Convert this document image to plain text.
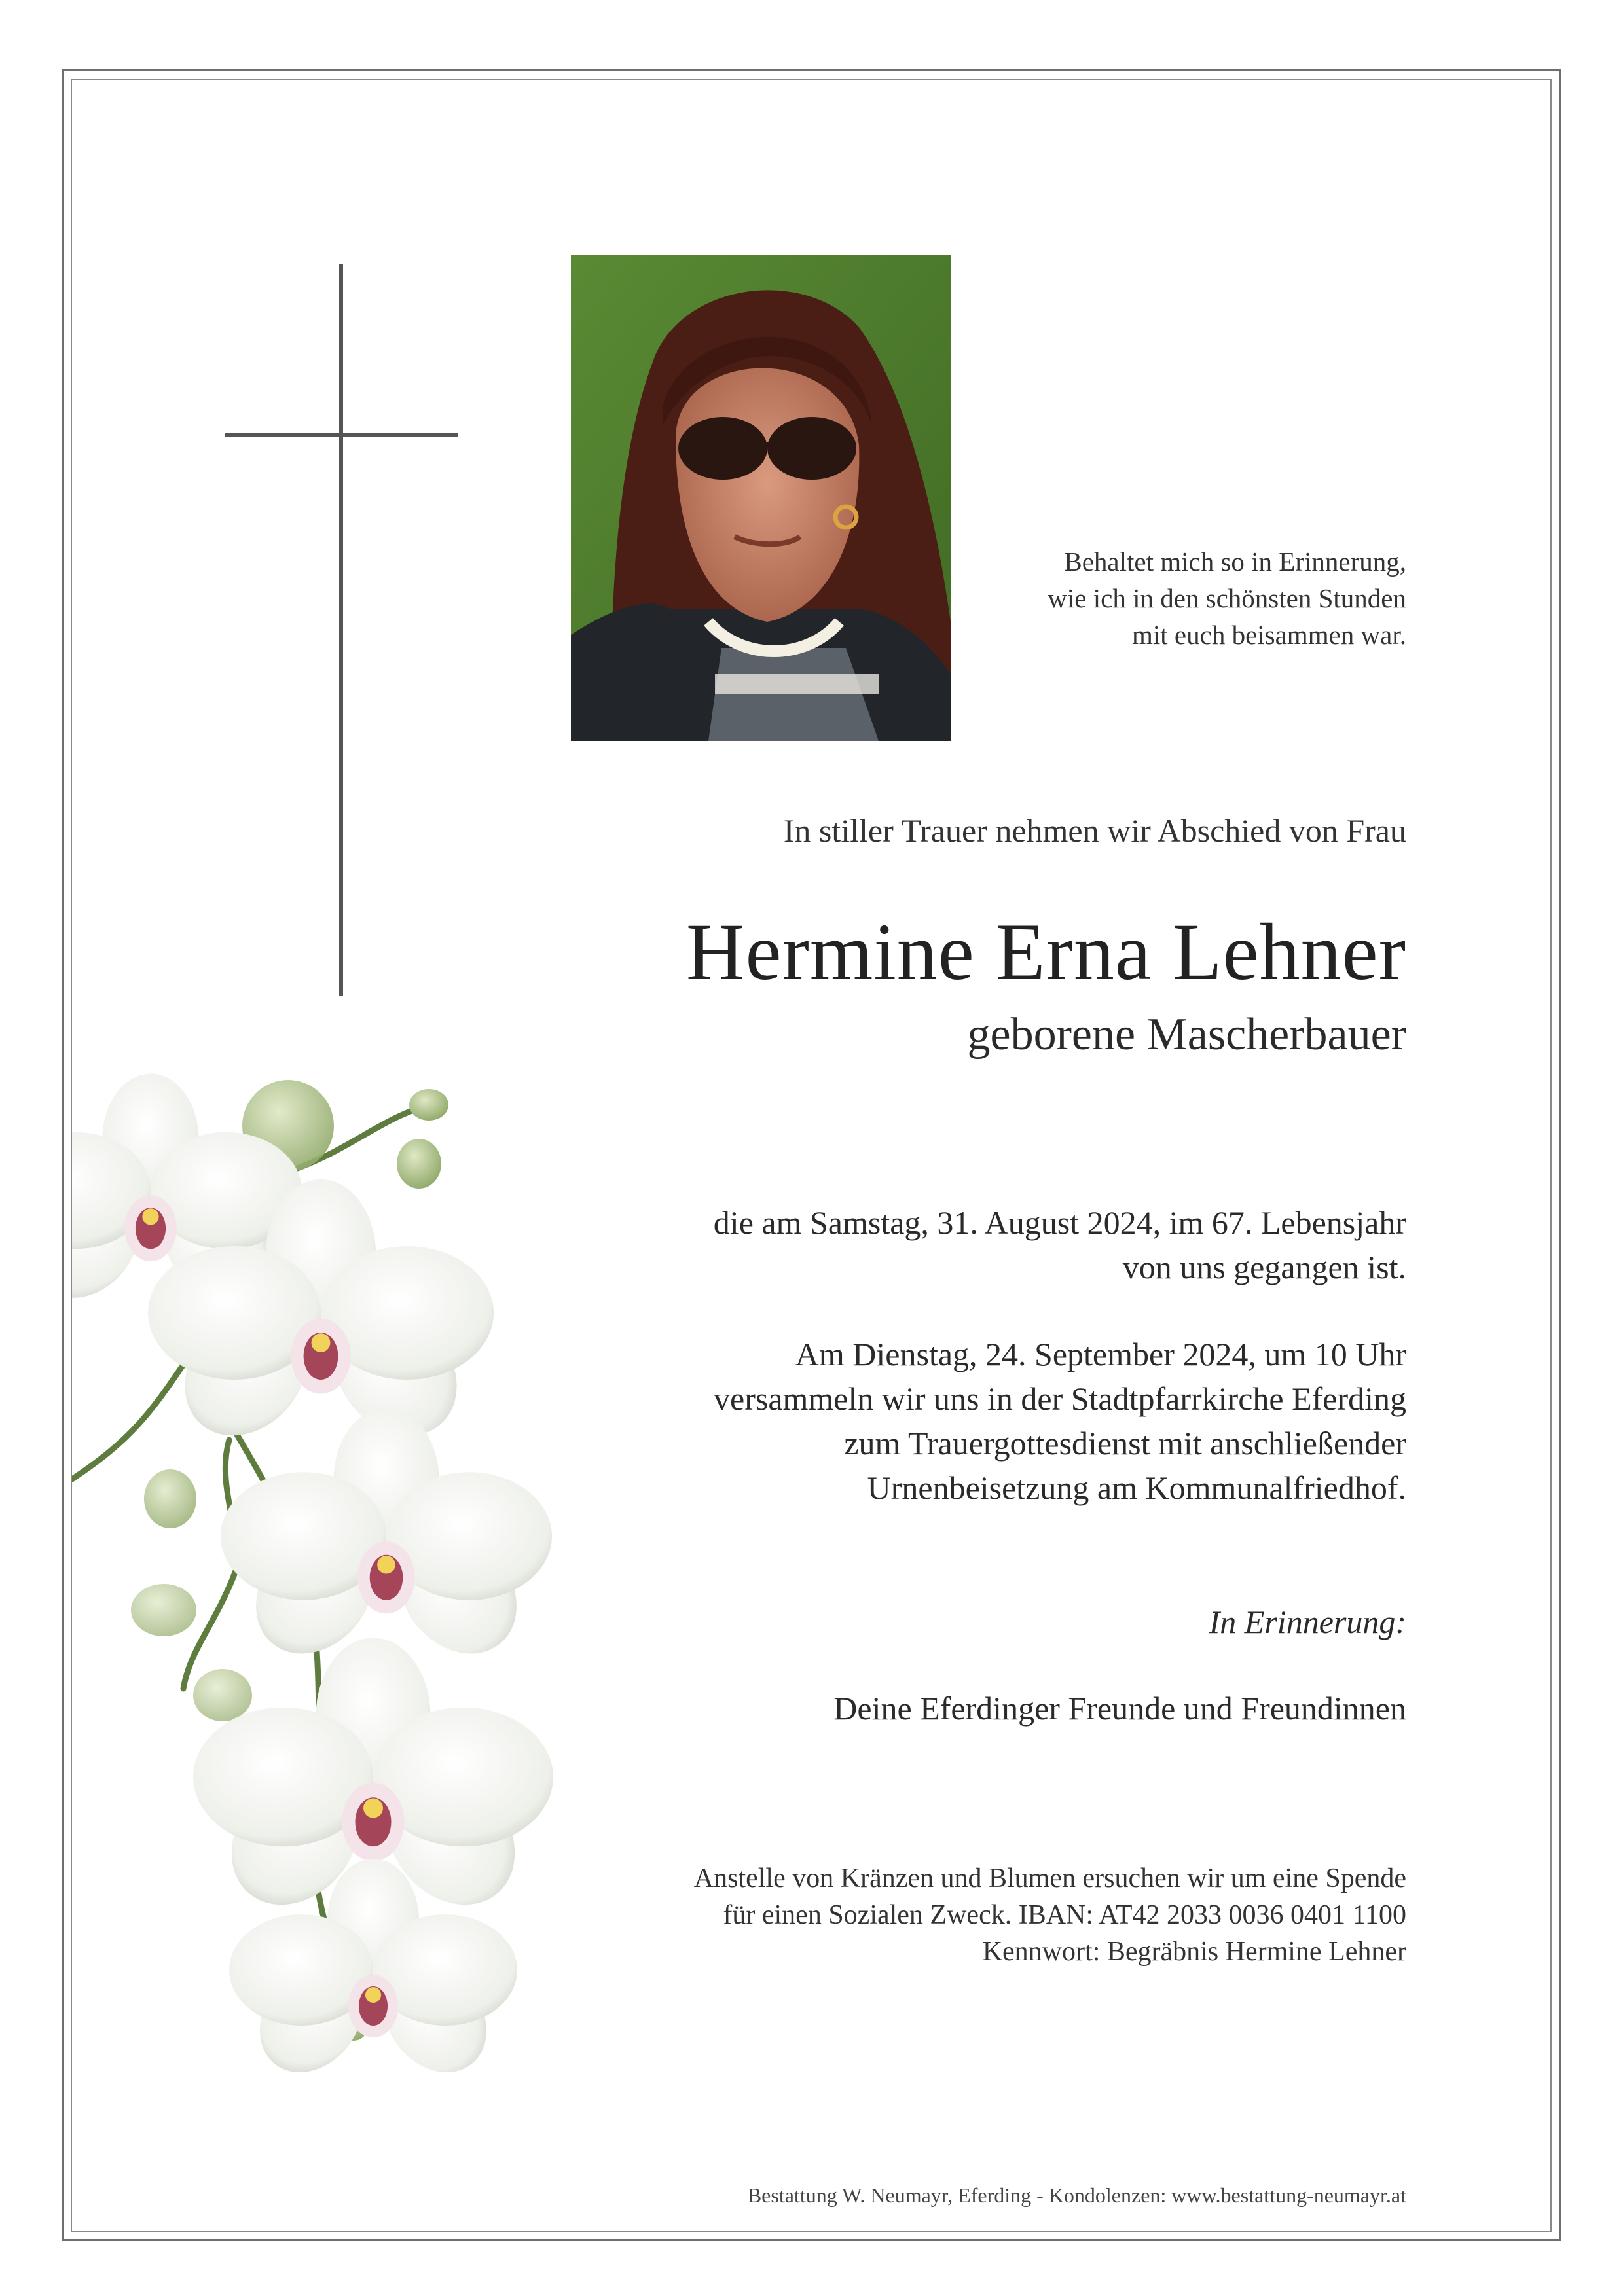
Behaltet mich so in Erinnerung,
wie ich in den schönsten Stunden
mit euch beisammen war.
In stiller Trauer nehmen wir Abschied von Frau
Hermine Erna Lehner
geborene Mascherbauer
die am Samstag, 31. August 2024, im 67. Lebensjahr
von uns gegangen ist.
Am Dienstag, 24. September 2024, um 10 Uhr
versammeln wir uns in der Stadtpfarrkirche Eferding
zum Trauergottesdienst mit anschließender
Urnenbeisetzung am Kommunalfriedhof.
In Erinnerung:
Deine Eferdinger Freunde und Freundinnen
Anstelle von Kränzen und Blumen ersuchen wir um eine Spende
für einen Sozialen Zweck. IBAN: AT42 2033 0036 0401 1100
Kennwort: Begräbnis Hermine Lehner
Bestattung W. Neumayr, Eferding - Kondolenzen: www.bestattung-neumayr.at
